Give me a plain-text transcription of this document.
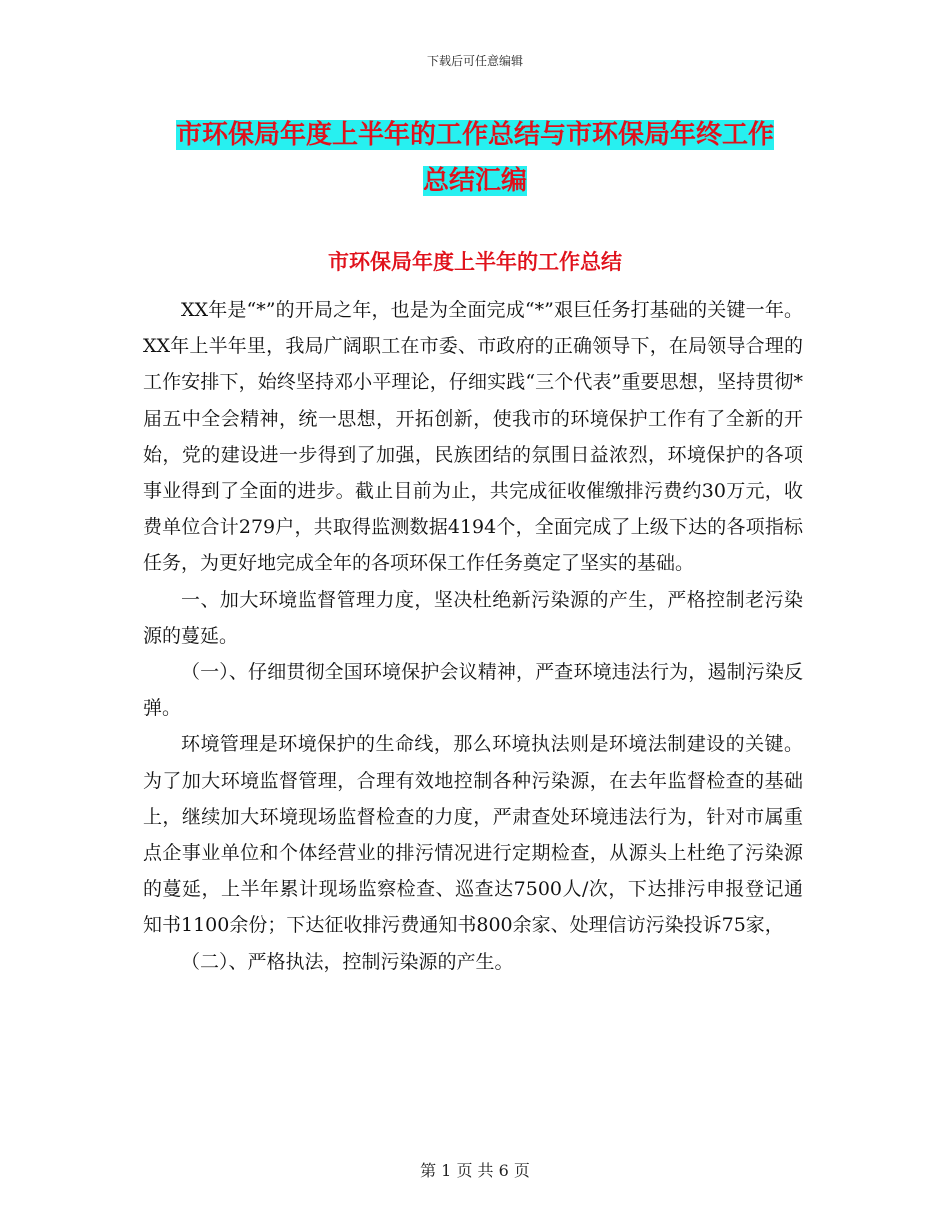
下载后可任意编辑
市环保局年度上半年的工作总结与市环保局年终工作
总结汇编
市环保局年度上半年的工作总结

XX年是“*”的开局之年，也是为全面完成“*”艰巨任务打基础的关键一年。XX年上半年里，我局广阔职工在市委、市政府的正确领导下，在局领导合理的工作安排下，始终坚持邓小平理论，仔细实践“三个代表”重要思想，坚持贯彻*届五中全会精神，统一思想，开拓创新，使我市的环境保护工作有了全新的开始，党的建设进一步得到了加强，民族团结的氛围日益浓烈，环境保护的各项事业得到了全面的进步。截止目前为止，共完成征收催缴排污费约30万元，收费单位合计279户，共取得监测数据4194个，全面完成了上级下达的各项指标任务，为更好地完成全年的各项环保工作任务奠定了坚实的基础。

一、加大环境监督管理力度，坚决杜绝新污染源的产生，严格控制老污染源的蔓延。

（一）、仔细贯彻全国环境保护会议精神，严查环境违法行为，遏制污染反弹。

环境管理是环境保护的生命线，那么环境执法则是环境法制建设的关键。为了加大环境监督管理，合理有效地控制各种污染源，在去年监督检查的基础上，继续加大环境现场监督检查的力度，严肃查处环境违法行为，针对市属重点企事业单位和个体经营业的排污情况进行定期检查，从源头上杜绝了污染源的蔓延，上半年累计现场监察检查、巡查达7500人/次，下达排污申报登记通知书1100余份；下达征收排污费通知书800余家、处理信访污染投诉75家，

（二）、严格执法，控制污染源的产生。

第 1 页 共 6 页
